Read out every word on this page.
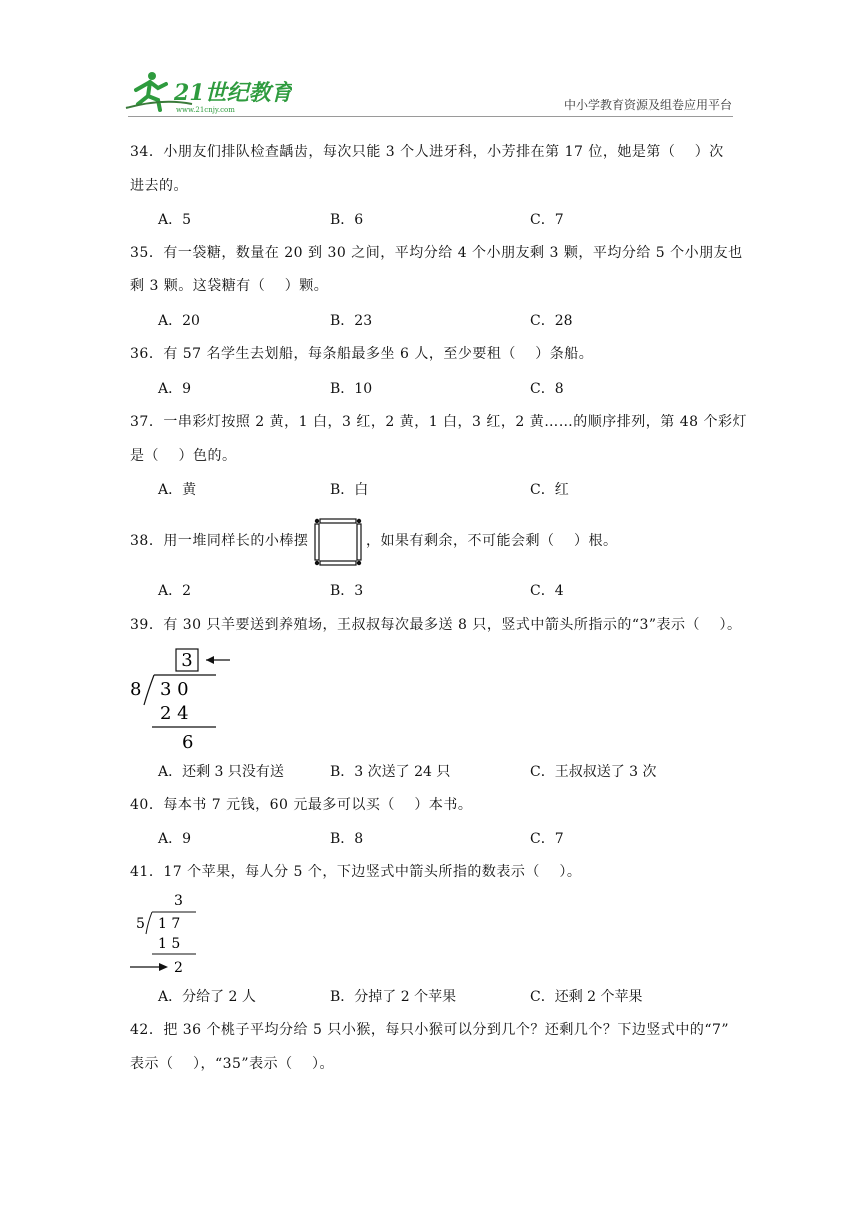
21世纪教育
www.21cnjy.com	中小学教育资源及组卷应用平台
34．小朋友们排队检查龋齿，每次只能 3 个人进牙科，小芳排在第 17 位，她是第（　 ）次
进去的。
A．5	B．6	C．7
35．有一袋糖，数量在 20 到 30 之间，平均分给 4 个小朋友剩 3 颗，平均分给 5 个小朋友也
剩 3 颗。这袋糖有（　 ）颗。
A．20	B．23	C．28
36．有 57 名学生去划船，每条船最多坐 6 人，至少要租（　 ）条船。
A．9	B．10	C．8
37．一串彩灯按照 2 黄，1 白，3 红，2 黄，1 白，3 红，2 黄……的顺序排列，第 48 个彩灯
是（　 ）色的。
A．黄	B．白	C．红
38．用一堆同样长的小棒摆	，如果有剩余，不可能会剩（　 ）根。
A．2	B．3	C．4
39．有 30 只羊要送到养殖场，王叔叔每次最多送 8 只，竖式中箭头所指示的“3”表示（　 ）。
3
8 3 0
2 4
6
A．还剩 3 只没有送	B．3 次送了 24 只	C．王叔叔送了 3 次
40．每本书 7 元钱，60 元最多可以买（　 ）本书。
A．9	B．8	C．7
41．17 个苹果，每人分 5 个，下边竖式中箭头所指的数表示（　 ）。
3
5 1 7
1 5
2
A．分给了 2 人	B．分掉了 2 个苹果	C．还剩 2 个苹果
42．把 36 个桃子平均分给 5 只小猴，每只小猴可以分到几个？还剩几个？下边竖式中的“7”
表示（　 ），“35”表示（　 ）。
